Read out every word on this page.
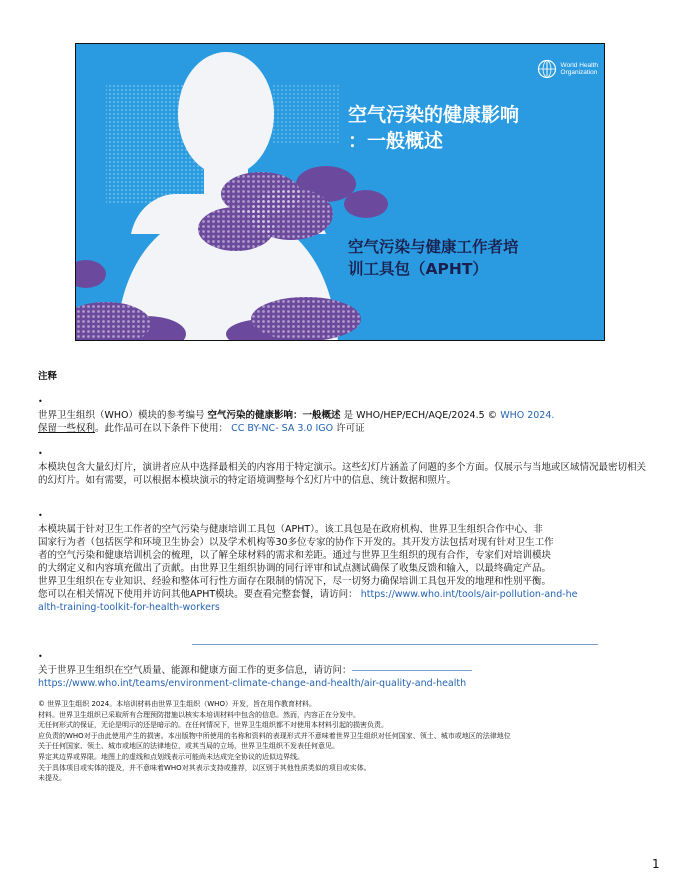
World Health
Organization
空气污染的健康影响
：一般概述
空气污染与健康工作者培
训工具包（APHT）
注释
•
世界卫生组织（WHO）模块的参考编号 空气污染的健康影响：一般概述 是 WHO/HEP/ECH/AQE/2024.5 © WHO 2024.
保留一些权利。此作品可在以下条件下使用： CC BY-NC- SA 3.0 IGO 许可证
•
本模块包含大量幻灯片，演讲者应从中选择最相关的内容用于特定演示。这些幻灯片涵盖了问题的多个方面。仅展示与当地或区域情况最密切相关的幻灯片。如有需要，可以根据本模块演示的特定语境调整每个幻灯片中的信息、统计数据和照片。
•
本模块属于针对卫生工作者的空气污染与健康培训工具包（APHT）。该工具包是在政府机构、世界卫生组织合作中心、非
国家行为者（包括医学和环境卫生协会）以及学术机构等30多位专家的协作下开发的。其开发方法包括对现有针对卫生工作
者的空气污染和健康培训机会的梳理，以了解全球材料的需求和差距。通过与世界卫生组织的现有合作，专家们对培训模块
的大纲定义和内容填充做出了贡献。由世界卫生组织协调的同行评审和试点测试确保了收集反馈和输入，以最终确定产品。
世界卫生组织在专业知识、经验和整体可行性方面存在限制的情况下，尽一切努力确保培训工具包开发的地理和性别平衡。
您可以在相关情况下使用并访问其他APHT模块。要查看完整套餐，请访问： https://www.who.int/tools/air-pollution-and-he
alth-training-toolkit-for-health-workers
•
关于世界卫生组织在空气质量、能源和健康方面工作的更多信息，请访问：
https://www.who.int/teams/environment-climate-change-and-health/air-quality-and-health
© 世界卫生组织 2024。本培训材料由世界卫生组织（WHO）开发，旨在用作教育材料。
材料。世界卫生组织已采取所有合理预防措施以核实本培训材料中包含的信息。然而，内容正在分发中。
无任何形式的保证，无论是明示的还是暗示的。在任何情况下，世界卫生组织都不对使用本材料引起的损害负责。
应负责的WHO对于由此使用产生的损害。本出版物中所使用的名称和资料的表现形式并不意味着世界卫生组织对任何国家、领土、城市或地区的法律地位
关于任何国家、领土、城市或地区的法律地位，或其当局的立场，世界卫生组织不发表任何意见。
界定其边界或界限。地图上的虚线和点划线表示可能尚未达成完全协议的近似边界线。
关于具体项目或实体的提及，并不意味着WHO对其表示支持或推荐，以区别于其他性质类似的项目或实体。
未提及。
1
